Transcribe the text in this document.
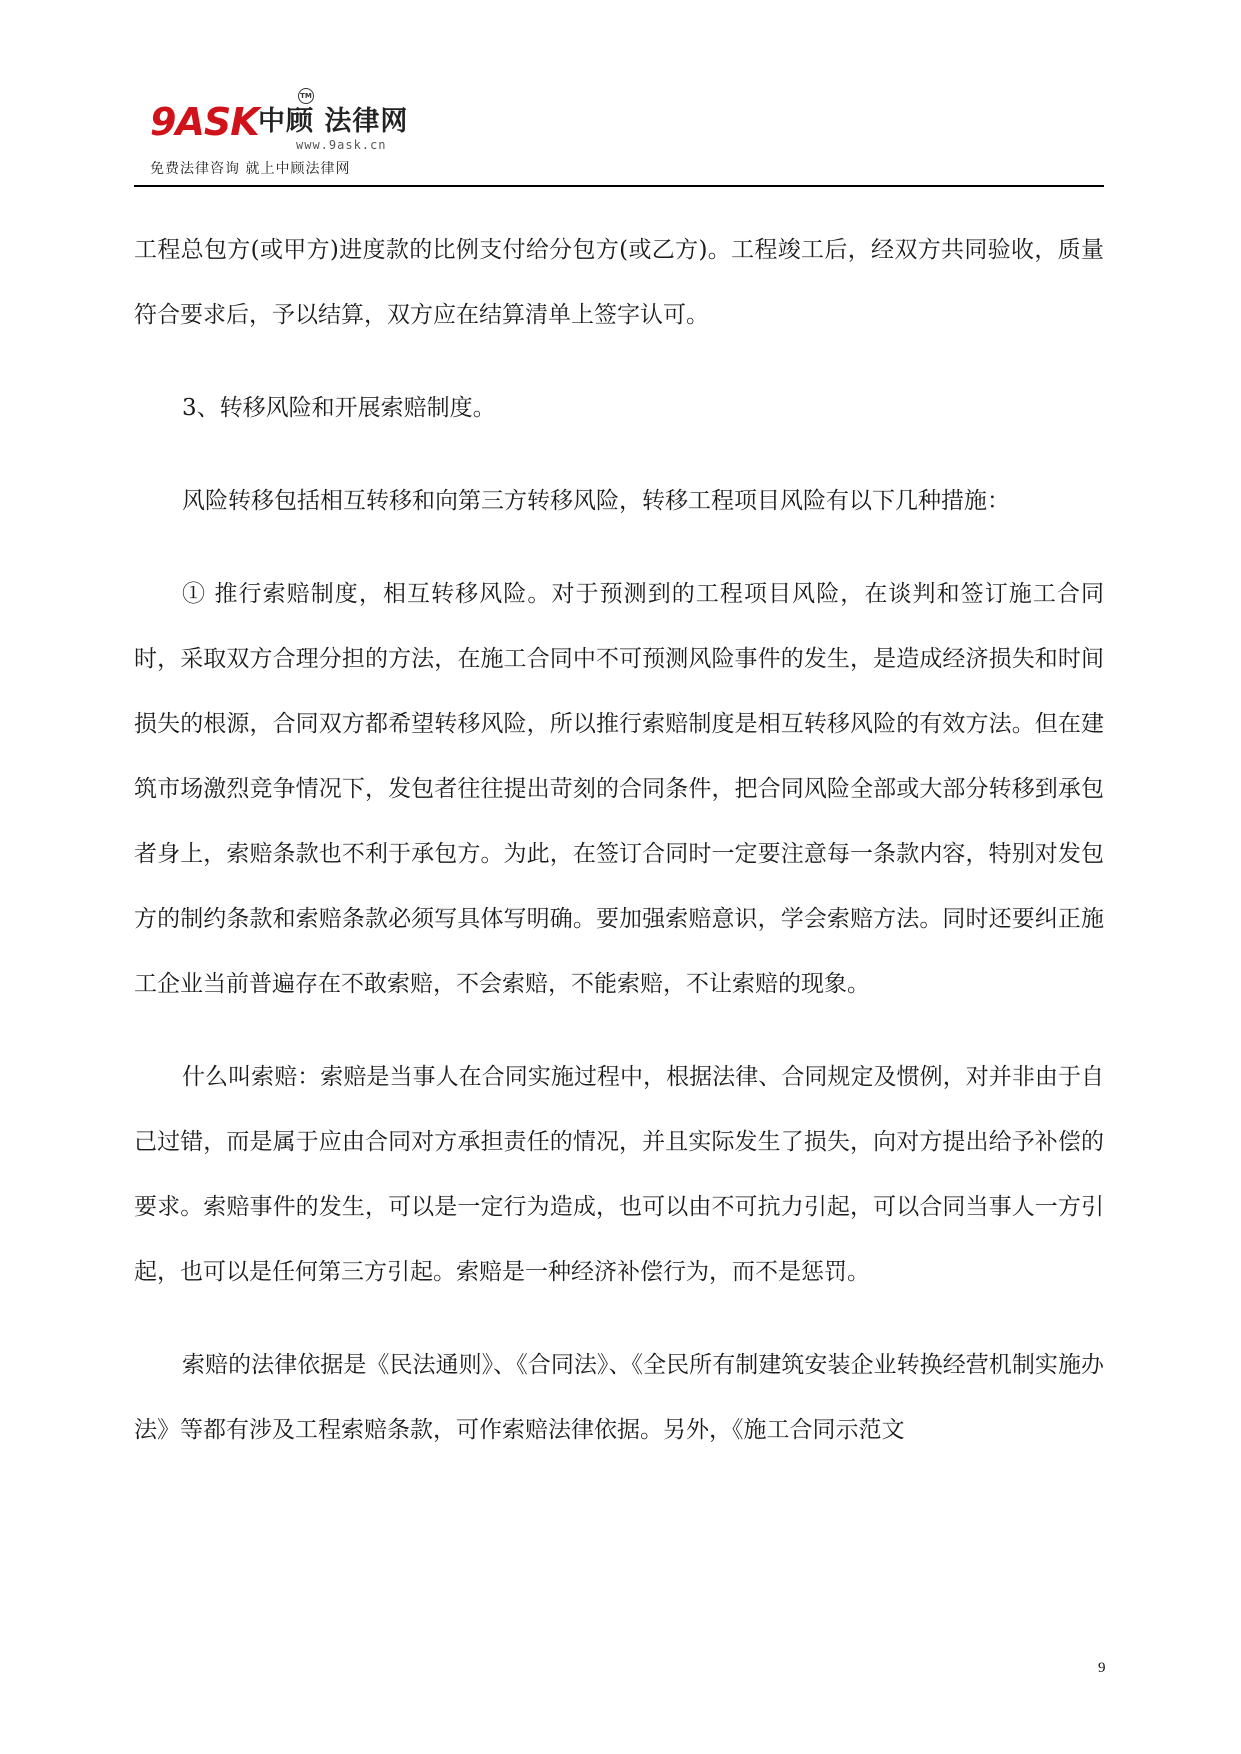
9ASK
TM
中顾 法律网
www.9ask.cn
免费法律咨询 就上中顾法律网

工程总包方(或甲方)进度款的比例支付给分包方(或乙方)。工程竣工后，经双方共同验收，质量符合要求后，予以结算，双方应在结算清单上签字认可。

3、转移风险和开展索赔制度。

风险转移包括相互转移和向第三方转移风险，转移工程项目风险有以下几种措施：

① 推行索赔制度，相互转移风险。对于预测到的工程项目风险，在谈判和签订施工合同时，采取双方合理分担的方法，在施工合同中不可预测风险事件的发生，是造成经济损失和时间损失的根源，合同双方都希望转移风险，所以推行索赔制度是相互转移风险的有效方法。但在建筑市场激烈竞争情况下，发包者往往提出苛刻的合同条件，把合同风险全部或大部分转移到承包者身上，索赔条款也不利于承包方。为此，在签订合同时一定要注意每一条款内容，特别对发包方的制约条款和索赔条款必须写具体写明确。要加强索赔意识，学会索赔方法。同时还要纠正施工企业当前普遍存在不敢索赔，不会索赔，不能索赔，不让索赔的现象。

什么叫索赔：索赔是当事人在合同实施过程中，根据法律、合同规定及惯例，对并非由于自己过错，而是属于应由合同对方承担责任的情况，并且实际发生了损失，向对方提出给予补偿的要求。索赔事件的发生，可以是一定行为造成，也可以由不可抗力引起，可以合同当事人一方引起，也可以是任何第三方引起。索赔是一种经济补偿行为，而不是惩罚。

索赔的法律依据是《民法通则》、《合同法》、《全民所有制建筑安装企业转换经营机制实施办法》等都有涉及工程索赔条款，可作索赔法律依据。另外，《施工合同示范文

9
